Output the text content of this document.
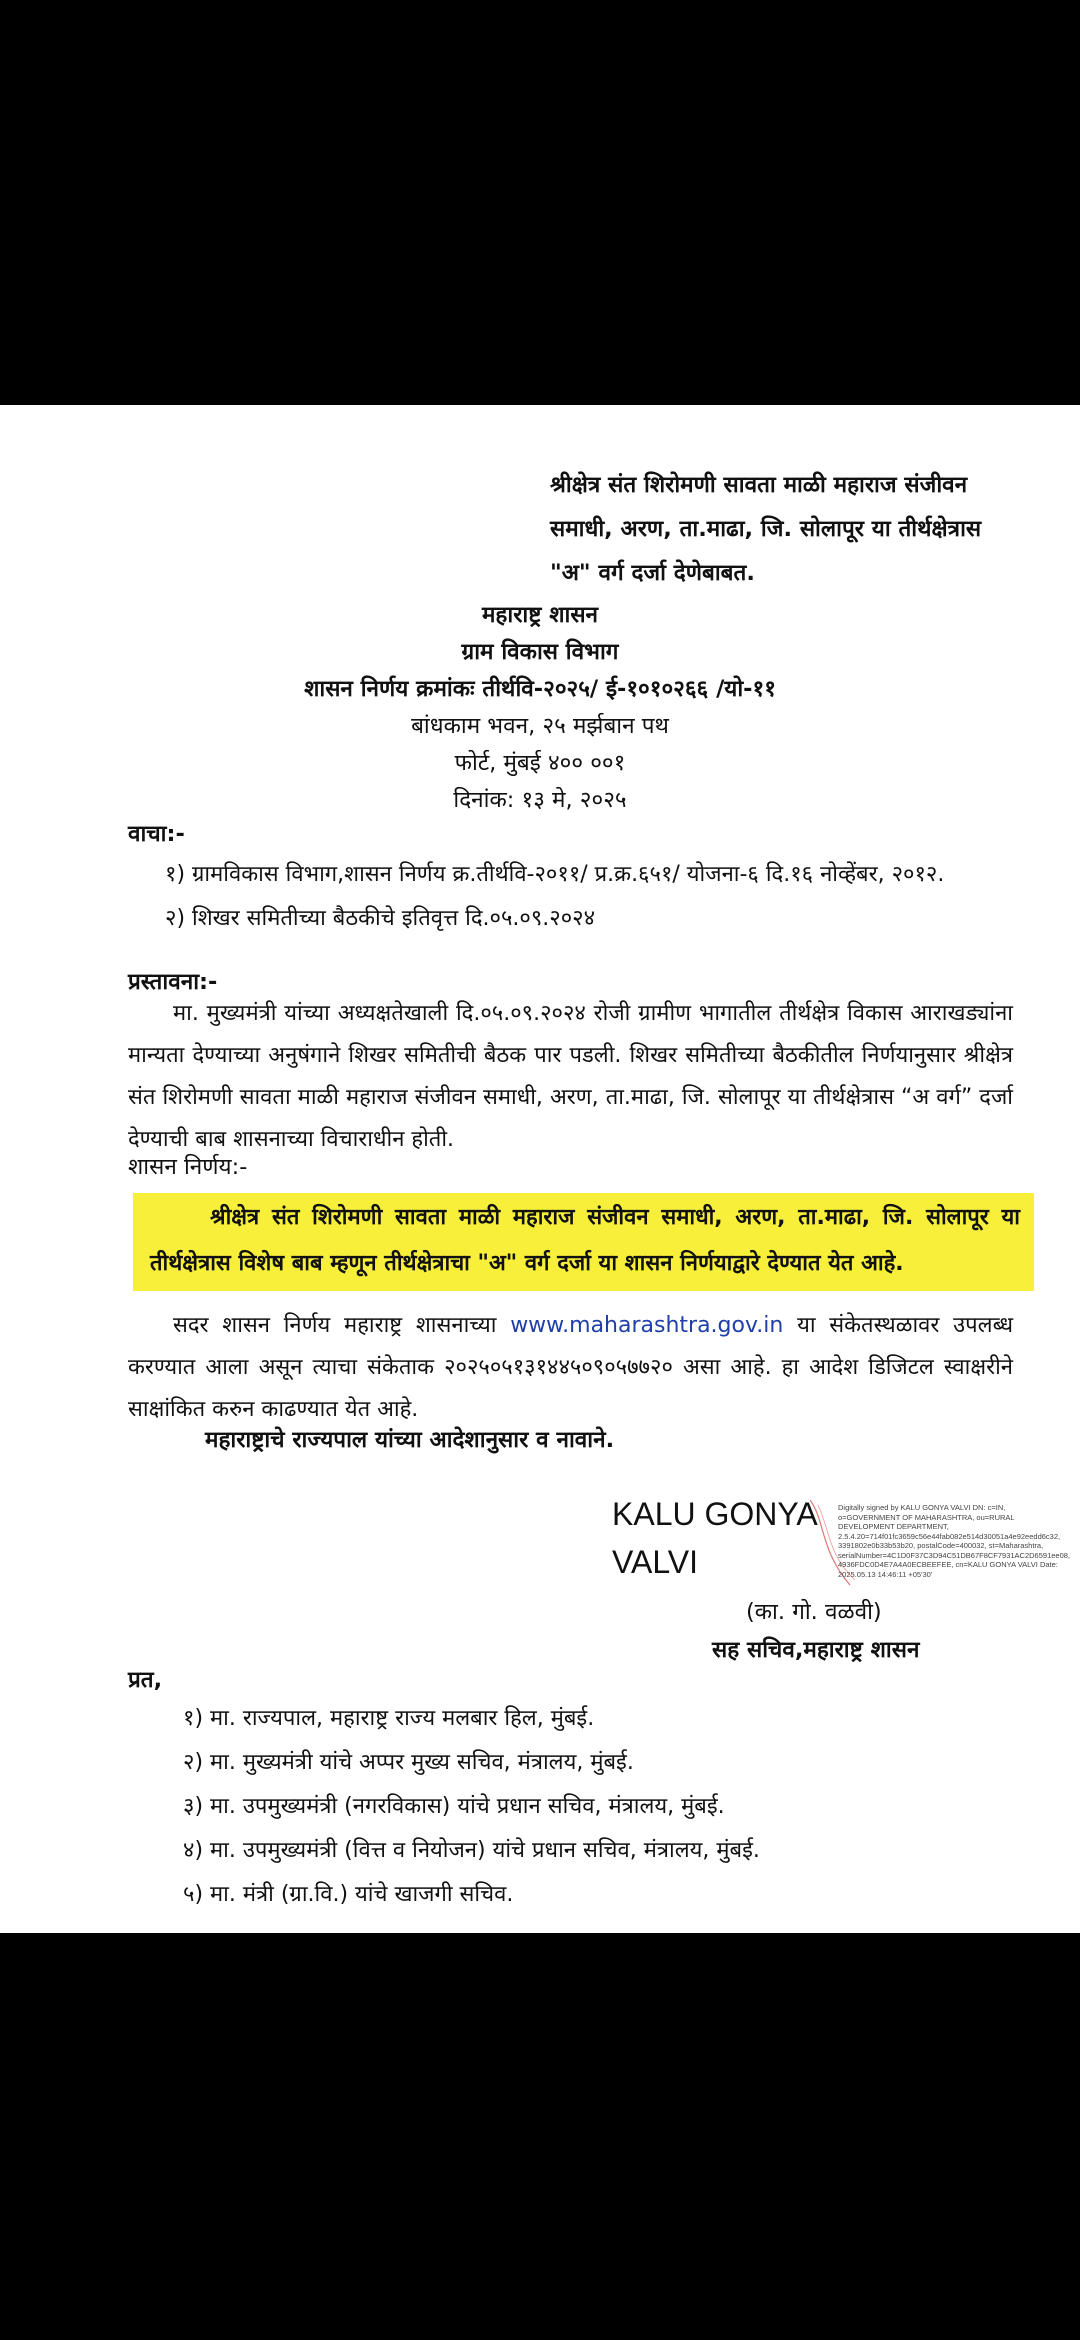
श्रीक्षेत्र संत शिरोमणी सावता माळी महाराज संजीवन
समाधी, अरण, ता.माढा, जि. सोलापूर या तीर्थक्षेत्रास
"अ" वर्ग दर्जा देणेबाबत.
महाराष्ट्र शासन
ग्राम विकास विभाग
शासन निर्णय क्रमांकः तीर्थवि-२०२५/ ई-१०१०२६६ /यो-११
बांधकाम भवन, २५ मर्झबान पथ
फोर्ट, मुंबई ४०० ००१
दिनांक: १३ मे, २०२५
वाचा:-
१) ग्रामविकास विभाग,शासन निर्णय क्र.तीर्थवि-२०११/ प्र.क्र.६५१/ योजना-६ दि.१६ नोव्हेंबर, २०१२.
२) शिखर समितीच्या बैठकीचे इतिवृत्त दि.०५.०९.२०२४
प्रस्तावना:-
मा. मुख्यमंत्री यांच्या अध्यक्षतेखाली दि.०५.०९.२०२४ रोजी ग्रामीण भागातील तीर्थक्षेत्र विकास आराखड्यांना मान्यता देण्याच्या अनुषंगाने शिखर समितीची बैठक पार पडली. शिखर समितीच्या बैठकीतील निर्णयानुसार श्रीक्षेत्र संत शिरोमणी सावता माळी महाराज संजीवन समाधी, अरण, ता.माढा, जि. सोलापूर या तीर्थक्षेत्रास “अ वर्ग” दर्जा देण्याची बाब शासनाच्या विचाराधीन होती.
शासन निर्णय:-
श्रीक्षेत्र संत शिरोमणी सावता माळी महाराज संजीवन समाधी, अरण, ता.माढा, जि. सोलापूर या तीर्थक्षेत्रास विशेष बाब म्हणून तीर्थक्षेत्राचा "अ" वर्ग दर्जा या शासन निर्णयाद्वारे देण्यात येत आहे.
सदर शासन निर्णय महाराष्ट्र शासनाच्या www.maharashtra.gov.in या संकेतस्थळावर उपलब्ध करण्यात आला असून त्याचा संकेताक २०२५०५१३१४४५०९०५७७२० असा आहे. हा आदेश डिजिटल स्वाक्षरीने साक्षांकित करुन काढण्यात येत आहे.
महाराष्ट्राचे राज्यपाल यांच्या आदेशानुसार व नावाने.
KALU GONYA
VALVI
Digitally signed by KALU GONYA VALVI DN: c=IN, o=GOVERNMENT OF MAHARASHTRA, ou=RURAL DEVELOPMENT DEPARTMENT, 2.5.4.20=714f01fc3659c56e44fab082e514d30051a4e92eedd6c32, 3391802e0b33b53b20, postalCode=400032, st=Maharashtra, serialNumber=4C1D0F37C3D94C51DB67F8CF7931AC2D6591ee08, 4936FDC0D4E7A4A0ECBEEFEE, cn=KALU GONYA VALVI Date: 2025.05.13 14:46:11 +05'30'
(का. गो. वळवी)
सह सचिव,महाराष्ट्र शासन
प्रत,
१) मा. राज्यपाल, महाराष्ट्र राज्य मलबार हिल, मुंबई.
२) मा. मुख्यमंत्री यांचे अप्पर मुख्य सचिव, मंत्रालय, मुंबई.
३) मा. उपमुख्यमंत्री (नगरविकास) यांचे प्रधान सचिव, मंत्रालय, मुंबई.
४) मा. उपमुख्यमंत्री (वित्त व नियोजन) यांचे प्रधान सचिव, मंत्रालय, मुंबई.
५) मा. मंत्री (ग्रा.वि.) यांचे खाजगी सचिव.
